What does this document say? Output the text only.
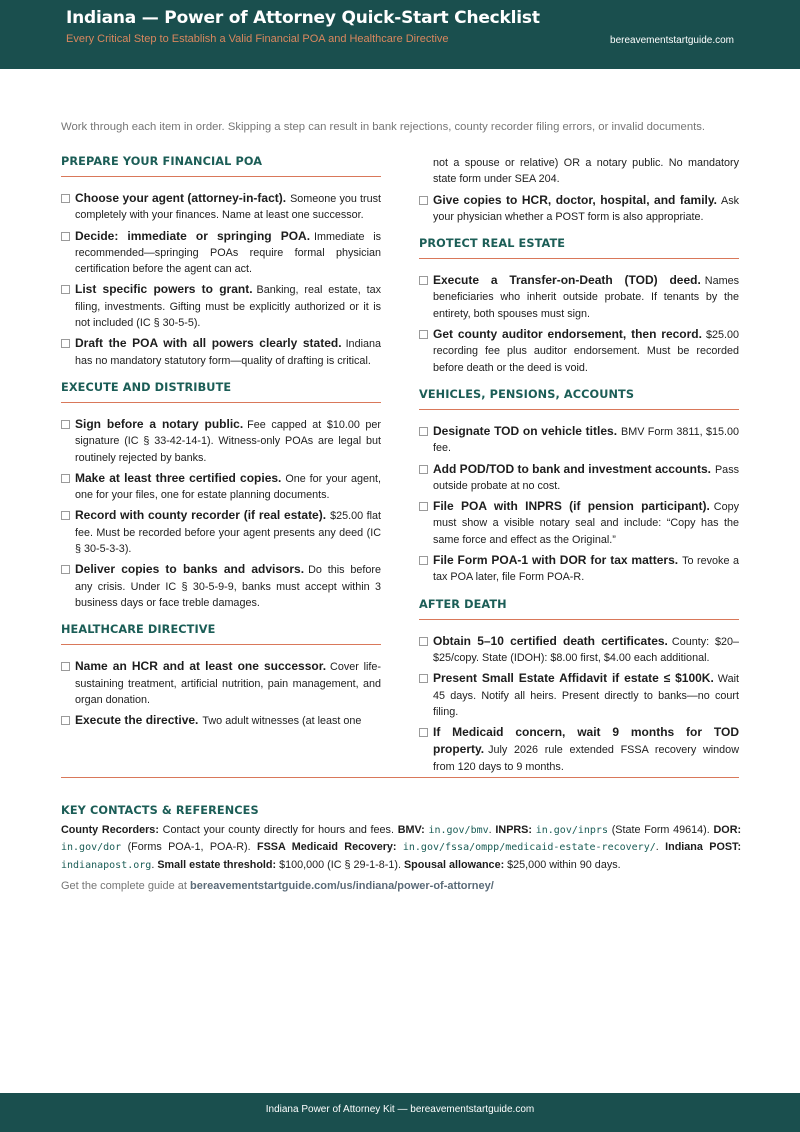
Indiana — Power of Attorney Quick-Start Checklist
Every Critical Step to Establish a Valid Financial POA and Healthcare Directive	bereavementstartguide.com
Work through each item in order. Skipping a step can result in bank rejections, county recorder filing errors, or invalid documents.
PREPARE YOUR FINANCIAL POA
Choose your agent (attorney-in-fact). Someone you trust completely with your finances. Name at least one successor.
Decide: immediate or springing POA. Immediate is recommended—springing POAs require formal physician certification before the agent can act.
List specific powers to grant. Banking, real estate, tax filing, investments. Gifting must be explicitly authorized or it is not included (IC § 30-5-5).
Draft the POA with all powers clearly stated. Indiana has no mandatory statutory form—quality of drafting is critical.
EXECUTE AND DISTRIBUTE
Sign before a notary public. Fee capped at $10.00 per signature (IC § 33-42-14-1). Witness-only POAs are legal but routinely rejected by banks.
Make at least three certified copies. One for your agent, one for your files, one for estate planning documents.
Record with county recorder (if real estate). $25.00 flat fee. Must be recorded before your agent presents any deed (IC § 30-5-3-3).
Deliver copies to banks and advisors. Do this before any crisis. Under IC § 30-5-9-9, banks must accept within 3 business days or face treble damages.
HEALTHCARE DIRECTIVE
Name an HCR and at least one successor. Cover life-sustaining treatment, artificial nutrition, pain management, and organ donation.
Execute the directive. Two adult witnesses (at least one
not a spouse or relative) OR a notary public. No mandatory state form under SEA 204.
Give copies to HCR, doctor, hospital, and family. Ask your physician whether a POST form is also appropriate.
PROTECT REAL ESTATE
Execute a Transfer-on-Death (TOD) deed. Names beneficiaries who inherit outside probate. If tenants by the entirety, both spouses must sign.
Get county auditor endorsement, then record. $25.00 recording fee plus auditor endorsement. Must be recorded before death or the deed is void.
VEHICLES, PENSIONS, ACCOUNTS
Designate TOD on vehicle titles. BMV Form 3811, $15.00 fee.
Add POD/TOD to bank and investment accounts. Pass outside probate at no cost.
File POA with INPRS (if pension participant). Copy must show a visible notary seal and include: “Copy has the same force and effect as the Original.”
File Form POA-1 with DOR for tax matters. To revoke a tax POA later, file Form POA-R.
AFTER DEATH
Obtain 5–10 certified death certificates. County: $20–$25/copy. State (IDOH): $8.00 first, $4.00 each additional.
Present Small Estate Affidavit if estate ≤ $100K. Wait 45 days. Notify all heirs. Present directly to banks—no court filing.
If Medicaid concern, wait 9 months for TOD property. July 2026 rule extended FSSA recovery window from 120 days to 9 months.
KEY CONTACTS & REFERENCES
County Recorders: Contact your county directly for hours and fees. BMV: in.gov/bmv. INPRS: in.gov/inprs (State Form 49614). DOR: in.gov/dor (Forms POA-1, POA-R). FSSA Medicaid Recovery: in.gov/fssa/ompp/medicaid-estate-recovery/. Indiana POST: indianapost.org. Small estate threshold: $100,000 (IC § 29-1-8-1). Spousal allowance: $25,000 within 90 days.
Get the complete guide at bereavementstartguide.com/us/indiana/power-of-attorney/
Indiana Power of Attorney Kit — bereavementstartguide.com
